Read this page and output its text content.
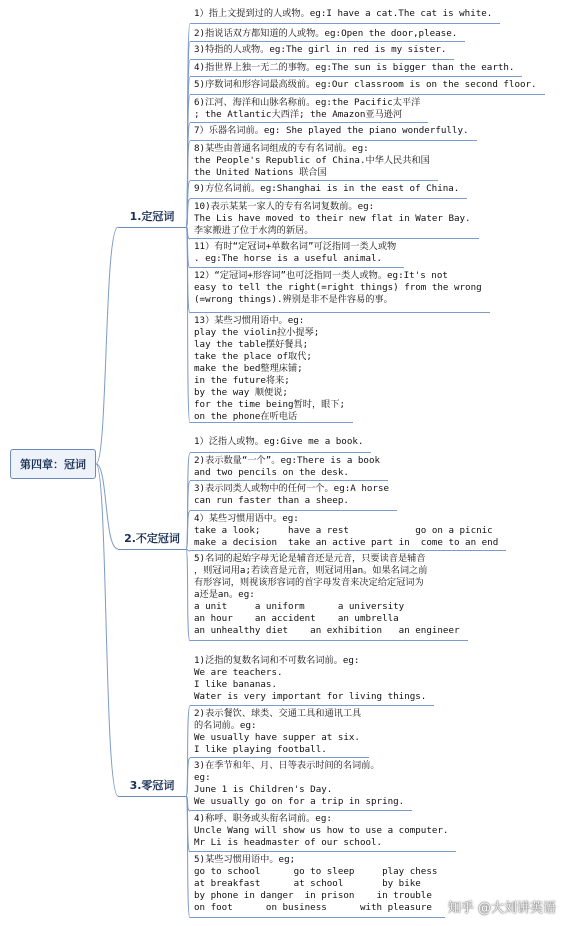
第四章：冠词
1.定冠词
1）指上文提到过的人或物。eg:I have a cat.The cat is white.
2)指说话双方都知道的人或物。eg:Open the door,please.
3)特指的人或物。eg:The girl in red is my sister.
4)指世界上独一无二的事物。eg:The sun is bigger than the earth.
5)序数词和形容词最高级前。eg:Our classroom is on the second floor.
6)江河、海洋和山脉名称前。eg:the Pacific太平洋
; the Atlantic大西洋; the Amazon亚马逊河
7）乐器名词前。eg: She played the piano wonderfully.
8)某些由普通名词组成的专有名词前。eg:
the People's Republic of China.中华人民共和国
the United Nations 联合国
9)方位名词前。eg:Shanghai is in the east of China.
10)表示某某一家人的专有名词复数前。eg:
The Lis have moved to their new flat in Water Bay.
李家搬进了位于水湾的新居。
11）有时“定冠词+单数名词”可泛指同一类人或物
. eg:The horse is a useful animal.
12）“定冠词+形容词”也可泛指同一类人或物。eg:It's not
easy to tell the right(=right things) from the wrong
(=wrong things).辨别是非不是件容易的事。
13）某些习惯用语中。eg:
play the violin拉小提琴;
lay the table摆好餐具;
take the place of取代;
make the bed整理床铺;
in the future将来;
by the way 顺便说;
for the time being暂时，眼下;
on the phone在听电话
2.不定冠词
1）泛指人或物。eg:Give me a book.
2)表示数量“一个”。eg:There is a book
and two pencils on the desk.
3)表示同类人或物中的任何一个。eg:A horse
can run faster than a sheep.
4）某些习惯用语中。eg:
take a look;     have a rest            go on a picnic
make a decision  take an active part in  come to an end
5)名词的起始字母无论是辅音还是元音，只要读音是辅音
，则冠词用a;若读音是元音，则冠词用an。如果名词之前
有形容词，则视该形容词的首字母发音来决定给定冠词为
a还是an。eg:
a unit     a uniform      a university
an hour    an accident    an umbrella
an unhealthy diet    an exhibition   an engineer
3.零冠词
1)泛指的复数名词和不可数名词前。eg:
We are teachers.
I like bananas.
Water is very important for living things.
2)表示餐饮、球类、交通工具和通讯工具
的名词前。eg:
We usually have supper at six.
I like playing football.
3)在季节和年、月、日等表示时间的名词前。
eg:
June 1 is Children's Day.
We usually go on for a trip in spring.
4)称呼、职务或头衔名词前。eg:
Uncle Wang will show us how to use a computer.
Mr Li is headmaster of our school.
5)某些习惯用语中。eg;
go to school      go to sleep     play chess
at breakfast      at school       by bike
by phone in danger  in prison    in trouble
on foot      on business      with pleasure	知乎 @大刘讲英语
